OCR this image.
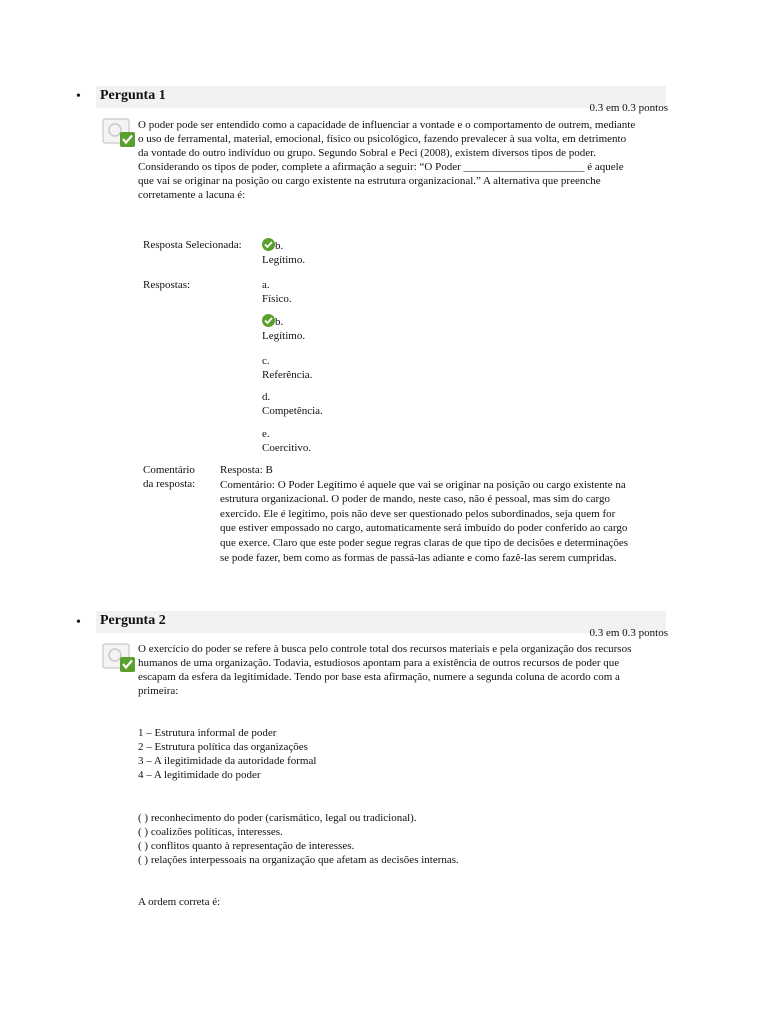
• Pergunta 1
0.3 em 0.3 pontos
O poder pode ser entendido como a capacidade de influenciar a vontade e o comportamento de outrem, mediante o uso de ferramental, material, emocional, físico ou psicológico, fazendo prevalecer à sua volta, em detrimento da vontade do outro indivíduo ou grupo. Segundo Sobral e Peci (2008), existem diversos tipos de poder. Considerando os tipos de poder, complete a afirmação a seguir: “O Poder ______________________ é aquele que vai se originar na posição ou cargo existente na estrutura organizacional.” A alternativa que preenche corretamente a lacuna é:
Resposta Selecionada:	b.
Legítimo.
Respostas:	a.
Físico.
b.
Legítimo.
c.
Referência.
d.
Competência.
e.
Coercitivo.
Comentário
da resposta:
Resposta: B
Comentário: O Poder Legítimo é aquele que vai se originar na posição ou cargo existente na estrutura organizacional. O poder de mando, neste caso, não é pessoal, mas sim do cargo exercido. Ele é legítimo, pois não deve ser questionado pelos subordinados, seja quem for que estiver empossado no cargo, automaticamente será imbuído do poder conferido ao cargo que exerce. Claro que este poder segue regras claras de que tipo de decisões e determinações se pode fazer, bem como as formas de passá-las adiante e como fazê-las serem cumpridas.
• Pergunta 2
0.3 em 0.3 pontos
O exercício do poder se refere à busca pelo controle total dos recursos materiais e pela organização dos recursos humanos de uma organização. Todavia, estudiosos apontam para a existência de outros recursos de poder que escapam da esfera da legitimidade. Tendo por base esta afirmação, numere a segunda coluna de acordo com a primeira:
1 – Estrutura informal de poder
2 – Estrutura política das organizações
3 – A ilegitimidade da autoridade formal
4 – A legitimidade do poder
( ) reconhecimento do poder (carismático, legal ou tradicional).
( ) coalizões políticas, interesses.
( ) conflitos quanto à representação de interesses.
( ) relações interpessoais na organização que afetam as decisões internas.
A ordem correta é:
